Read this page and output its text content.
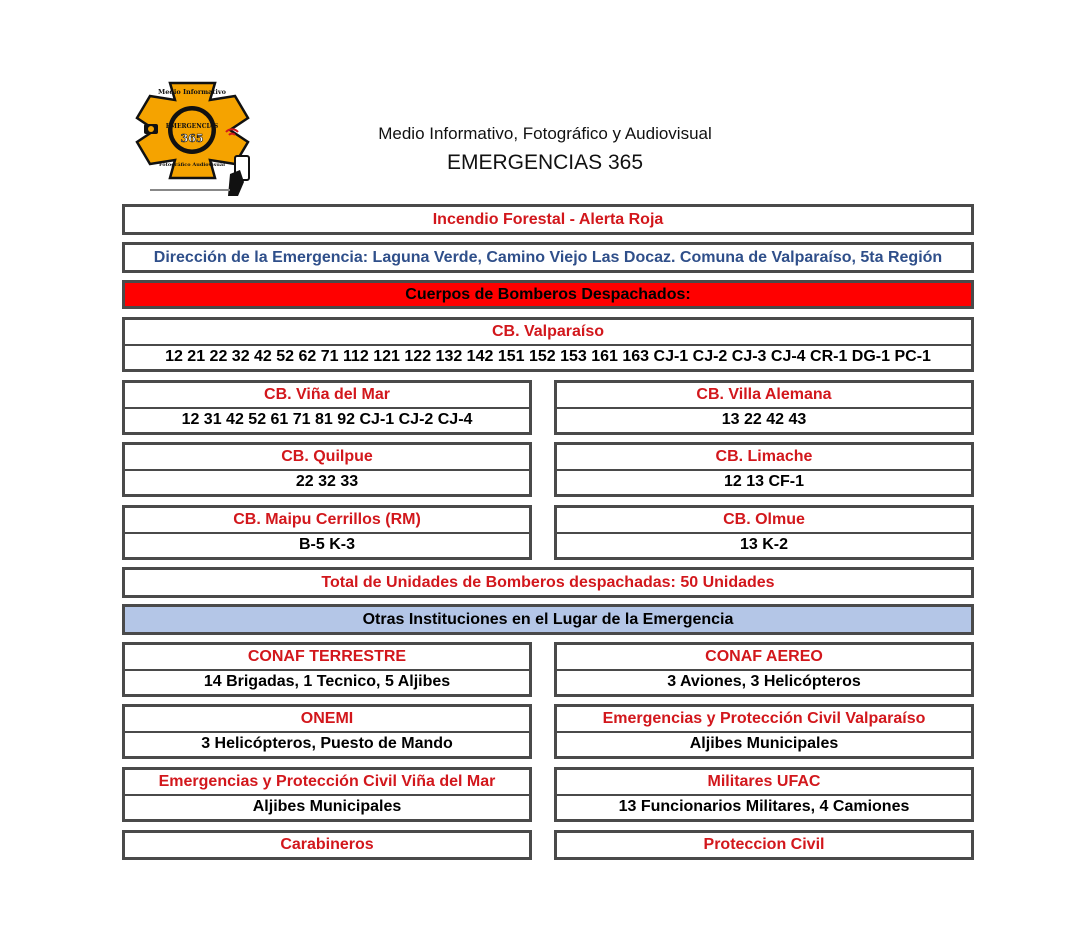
Medio Informativo
EMERGENCIAS
365
Fotográfico Audiovisual
Medio Informativo, Fotográfico y Audiovisual
EMERGENCIAS 365
Incendio Forestal - Alerta Roja
Dirección de la Emergencia: Laguna Verde, Camino Viejo Las Docaz. Comuna de Valparaíso, 5ta Región
Cuerpos de Bomberos Despachados:
CB. Valparaíso
12 21 22 32 42 52 62 71 112 121 122 132 142 151 152 153 161 163 CJ-1 CJ-2 CJ-3 CJ-4 CR-1 DG-1 PC-1
CB. Viña del Mar
12 31 42 52 61 71 81 92 CJ-1 CJ-2 CJ-4
CB. Villa Alemana
13 22 42 43
CB. Quilpue
22 32 33
CB. Limache
12 13 CF-1
CB. Maipu Cerrillos (RM)
B-5 K-3
CB. Olmue
13 K-2
Total de Unidades de Bomberos despachadas: 50 Unidades
Otras Instituciones en el Lugar de la Emergencia
CONAF TERRESTRE
14 Brigadas, 1 Tecnico, 5 Aljibes
CONAF AEREO
3 Aviones, 3 Helicópteros
ONEMI
3 Helicópteros, Puesto de Mando
Emergencias y Protección Civil Valparaíso
Aljibes Municipales
Emergencias y Protección Civil Viña del Mar
Aljibes Municipales
Militares UFAC
13 Funcionarios Militares, 4 Camiones
Carabineros	Proteccion Civil
